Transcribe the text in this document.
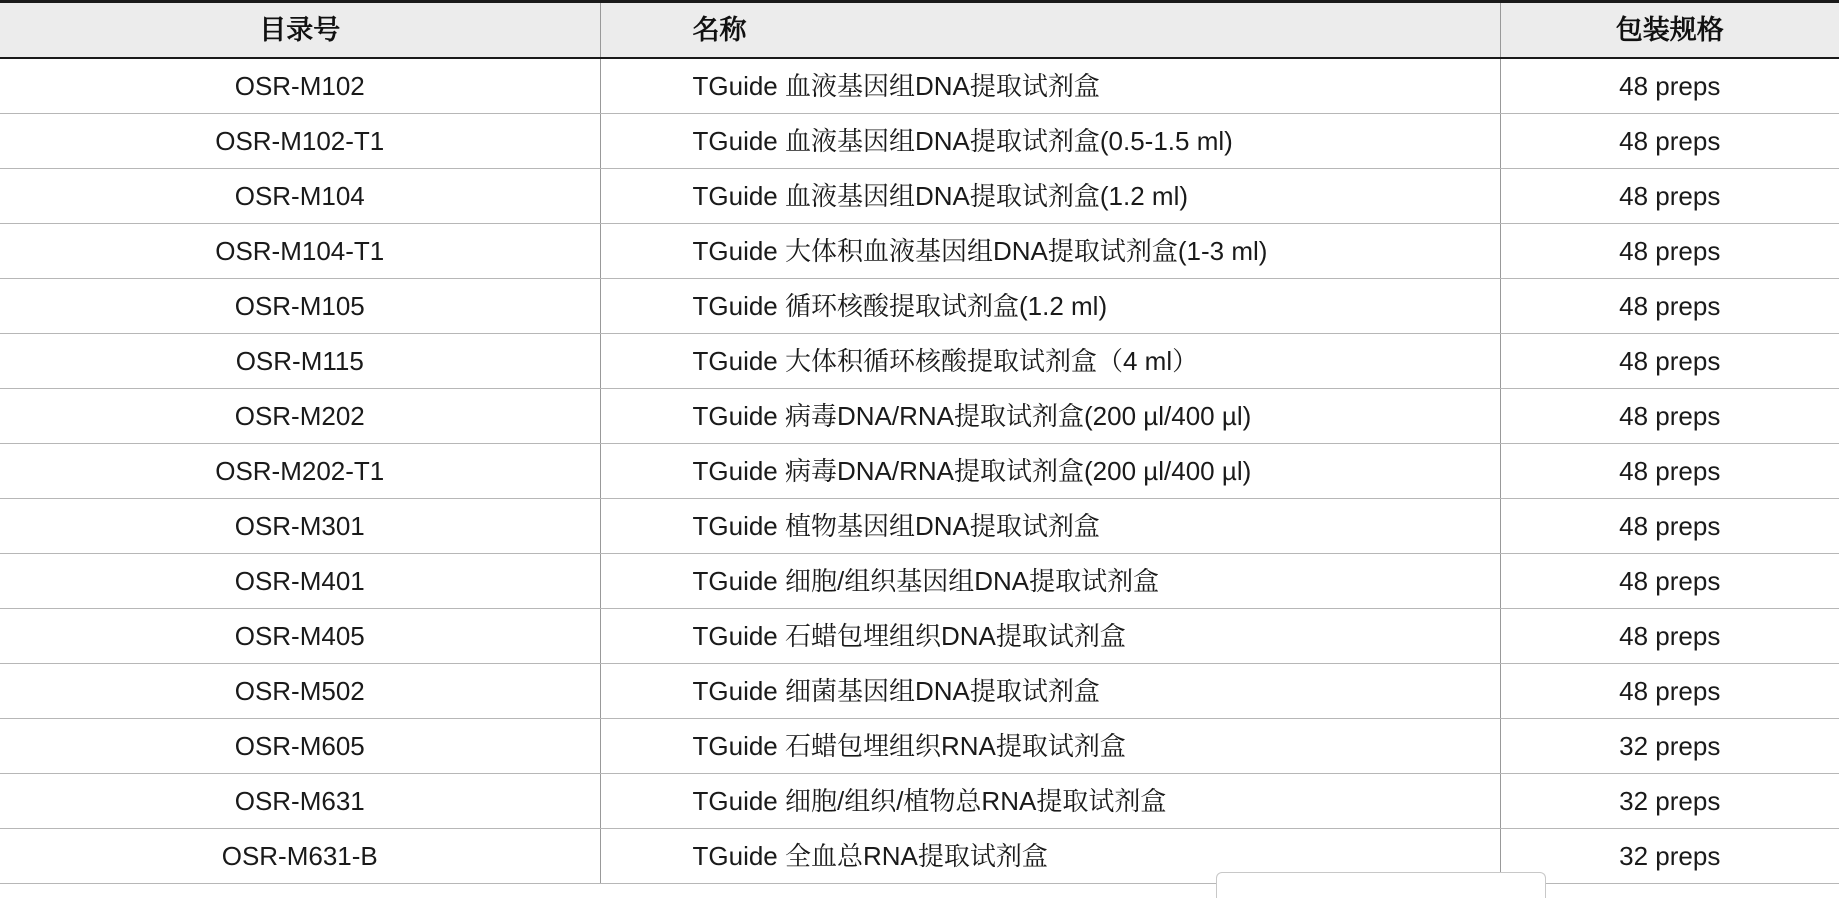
目录号	名称	包装规格
OSR-M102	TGuide 血液基因组DNA提取试剂盒	48 preps
OSR-M102-T1	TGuide 血液基因组DNA提取试剂盒(0.5-1.5 ml)	48 preps
OSR-M104	TGuide 血液基因组DNA提取试剂盒(1.2 ml)	48 preps
OSR-M104-T1	TGuide 大体积血液基因组DNA提取试剂盒(1-3 ml)	48 preps
OSR-M105	TGuide 循环核酸提取试剂盒(1.2 ml)	48 preps
OSR-M115	TGuide 大体积循环核酸提取试剂盒（4 ml）	48 preps
OSR-M202	TGuide 病毒DNA/RNA提取试剂盒(200 µl/400 µl)	48 preps
OSR-M202-T1	TGuide 病毒DNA/RNA提取试剂盒(200 µl/400 µl)	48 preps
OSR-M301	TGuide 植物基因组DNA提取试剂盒	48 preps
OSR-M401	TGuide 细胞/组织基因组DNA提取试剂盒	48 preps
OSR-M405	TGuide 石蜡包埋组织DNA提取试剂盒	48 preps
OSR-M502	TGuide 细菌基因组DNA提取试剂盒	48 preps
OSR-M605	TGuide 石蜡包埋组织RNA提取试剂盒	32 preps
OSR-M631	TGuide 细胞/组织/植物总RNA提取试剂盒	32 preps
OSR-M631-B	TGuide 全血总RNA提取试剂盒	32 preps
